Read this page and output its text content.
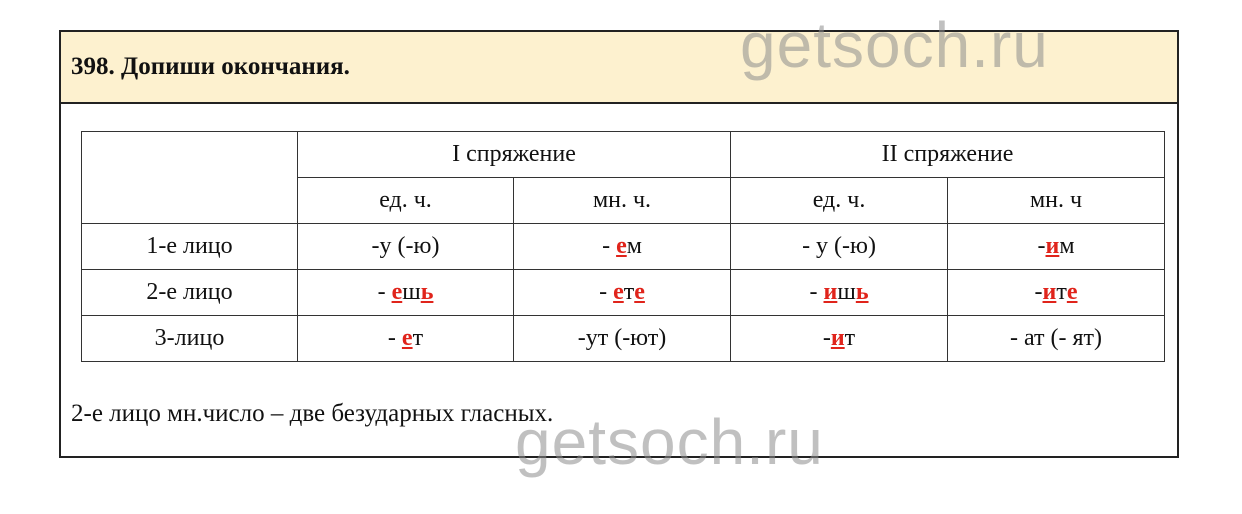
398. Допиши окончания.
	I спряжение		II спряжение	
	ед. ч.	мн. ч.	ед. ч.	мн. ч
1-е лицо	-у (-ю)	- ем	- у (-ю)	-им
2-е лицо	- ешь	- ете	- ишь	-ите
3-лицо	- ет	-ут (-ют)	-ит	- ат (- ят)
2-е лицо мн.число – две безударных гласных.
getsoch.ru
getsoch.ru
